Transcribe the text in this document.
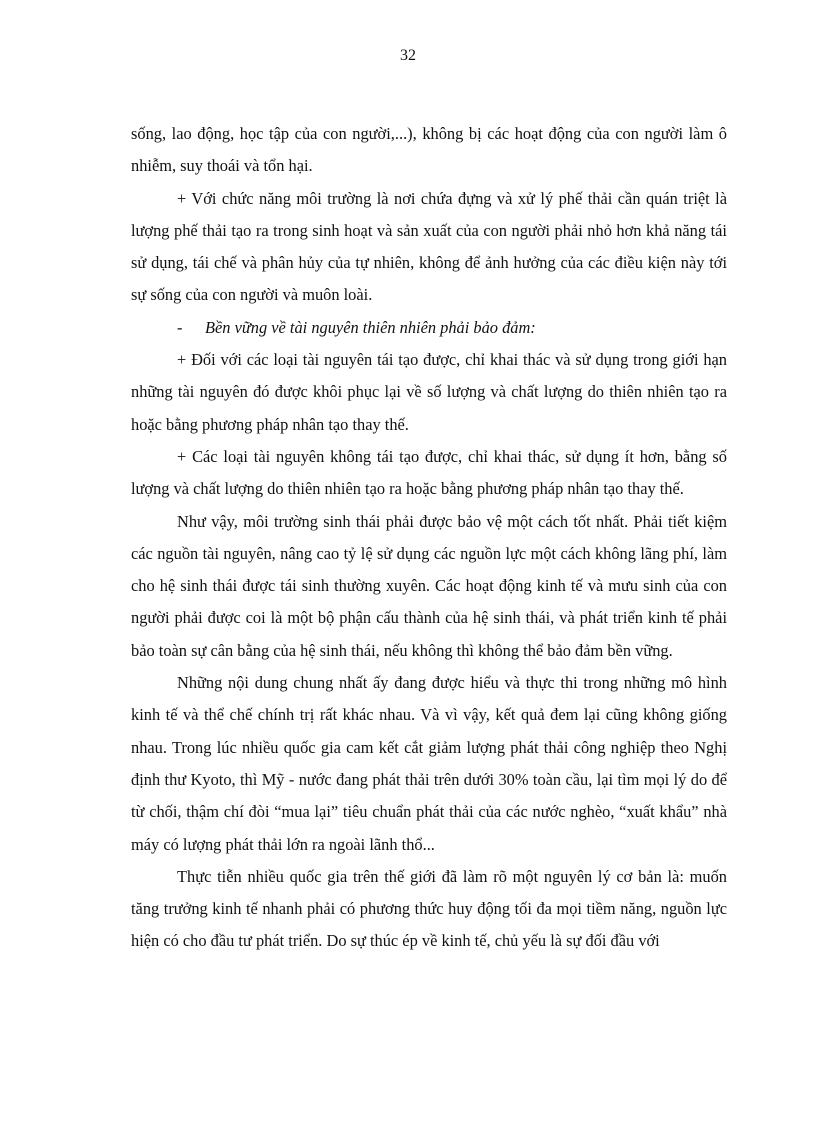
32

sống, lao động, học tập của con người,...), không bị các hoạt động của con người làm ô nhiễm, suy thoái và tổn hại.

+ Với chức năng môi trường là nơi chứa đựng và xử lý phế thải cần quán triệt là lượng phế thải tạo ra trong sinh hoạt và sản xuất của con người phải nhỏ hơn khả năng tái sử dụng, tái chế và phân hủy của tự nhiên, không để ảnh hưởng của các điều kiện này tới sự sống của con người và muôn loài.

- Bền vững về tài nguyên thiên nhiên phải bảo đảm:

+ Đối với các loại tài nguyên tái tạo được, chỉ khai thác và sử dụng trong giới hạn những tài nguyên đó được khôi phục lại về số lượng và chất lượng do thiên nhiên tạo ra hoặc bằng phương pháp nhân tạo thay thế.

+ Các loại tài nguyên không tái tạo được, chỉ khai thác, sử dụng ít hơn, bằng số lượng và chất lượng do thiên nhiên tạo ra hoặc bằng phương pháp nhân tạo thay thế.

Như vậy, môi trường sinh thái phải được bảo vệ một cách tốt nhất. Phải tiết kiệm các nguồn tài nguyên, nâng cao tỷ lệ sử dụng các nguồn lực một cách không lãng phí, làm cho hệ sinh thái được tái sinh thường xuyên. Các hoạt động kinh tế và mưu sinh của con người phải được coi là một bộ phận cấu thành của hệ sinh thái, và phát triển kinh tế phải bảo toàn sự cân bằng của hệ sinh thái, nếu không thì không thể bảo đảm bền vững.

Những nội dung chung nhất ấy đang được hiểu và thực thi trong những mô hình kinh tế và thể chế chính trị rất khác nhau. Và vì vậy, kết quả đem lại cũng không giống nhau. Trong lúc nhiều quốc gia cam kết cắt giảm lượng phát thải công nghiệp theo Nghị định thư Kyoto, thì Mỹ - nước đang phát thải trên dưới 30% toàn cầu, lại tìm mọi lý do để từ chối, thậm chí đòi “mua lại” tiêu chuẩn phát thải của các nước nghèo, “xuất khẩu” nhà máy có lượng phát thải lớn ra ngoài lãnh thổ...

Thực tiễn nhiều quốc gia trên thế giới đã làm rõ một nguyên lý cơ bản là: muốn tăng trưởng kinh tế nhanh phải có phương thức huy động tối đa mọi tiềm năng, nguồn lực hiện có cho đầu tư phát triển. Do sự thúc ép về kinh tế, chủ yếu là sự đối đầu với
